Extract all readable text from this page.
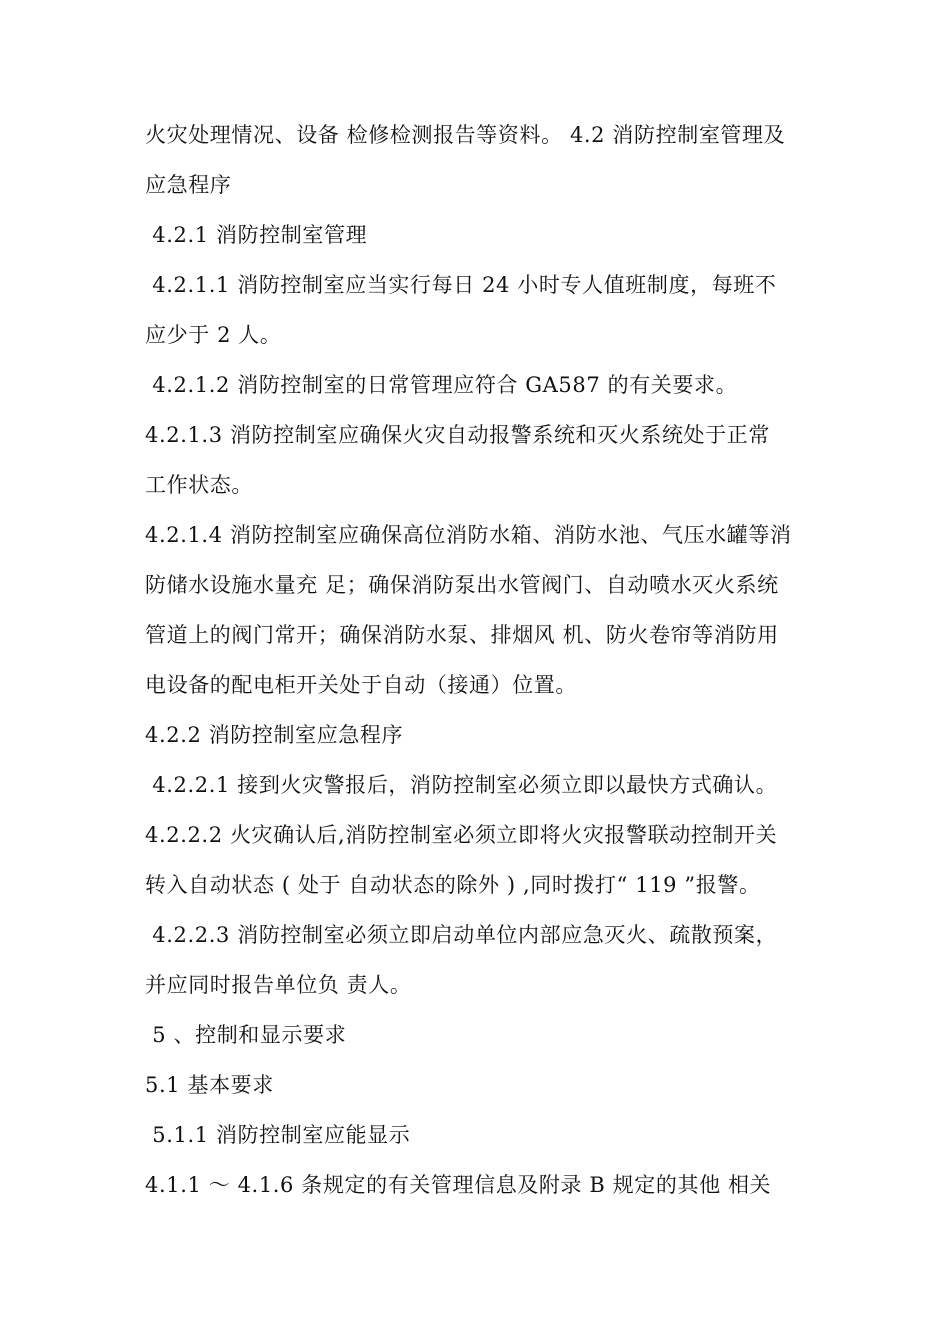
火灾处理情况、设备 检修检测报告等资料。 4.2 消防控制室管理及
应急程序
4.2.1 消防控制室管理
4.2.1.1 消防控制室应当实行每日 24 小时专人值班制度，每班不
应少于 2 人。
4.2.1.2 消防控制室的日常管理应符合 GA587 的有关要求。
4.2.1.3 消防控制室应确保火灾自动报警系统和灭火系统处于正常
工作状态。
4.2.1.4 消防控制室应确保高位消防水箱、消防水池、气压水罐等消
防储水设施水量充 足；确保消防泵出水管阀门、自动喷水灭火系统
管道上的阀门常开；确保消防水泵、排烟风 机、防火卷帘等消防用
电设备的配电柜开关处于自动（接通）位置。
4.2.2 消防控制室应急程序
4.2.2.1 接到火灾警报后，消防控制室必须立即以最快方式确认。
4.2.2.2 火灾确认后,消防控制室必须立即将火灾报警联动控制开关
转入自动状态 ( 处于 自动状态的除外 ) ,同时拨打“ 119 ”报警。
4.2.2.3 消防控制室必须立即启动单位内部应急灭火、疏散预案，
并应同时报告单位负 责人。
5 、控制和显示要求
5.1 基本要求
5.1.1 消防控制室应能显示
4.1.1 ～ 4.1.6 条规定的有关管理信息及附录 B 规定的其他 相关
